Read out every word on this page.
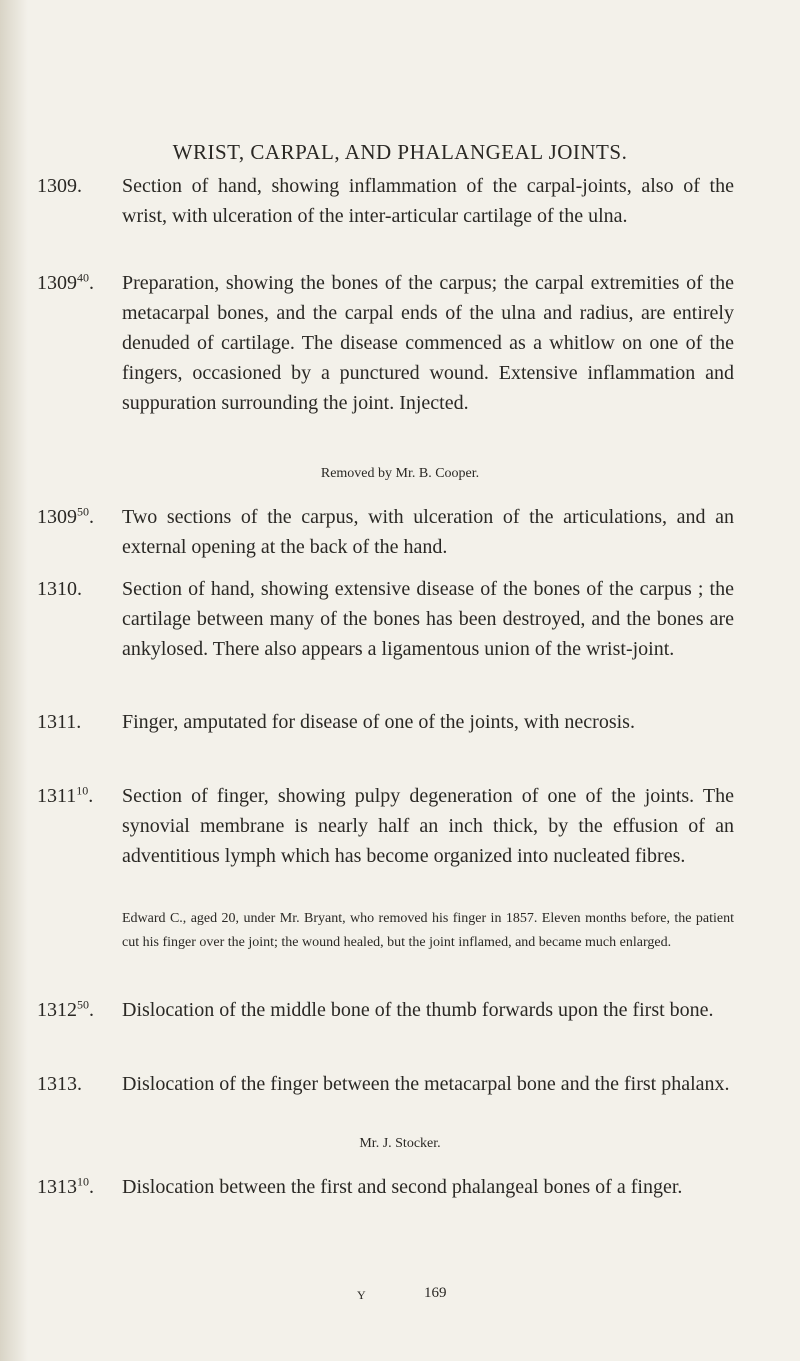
WRIST, CARPAL, AND PHALANGEAL JOINTS.
1309. Section of hand, showing inflammation of the carpal-joints, also of the wrist, with ulceration of the inter-articular cartilage of the ulna.
1309$^{40}$. Preparation, showing the bones of the carpus; the carpal extremities of the metacarpal bones, and the carpal ends of the ulna and radius, are entirely denuded of cartilage. The disease commenced as a whitlow on one of the fingers, occasioned by a punctured wound. Extensive inflammation and suppuration surrounding the joint. Injected.
Removed by Mr. B. Cooper.
1309$^{50}$. Two sections of the carpus, with ulceration of the articulations, and an external opening at the back of the hand.
1310. Section of hand, showing extensive disease of the bones of the carpus ; the cartilage between many of the bones has been destroyed, and the bones are ankylosed. There also appears a ligamentous union of the wrist-joint.
1311. Finger, amputated for disease of one of the joints, with necrosis.
1311$^{10}$. Section of finger, showing pulpy degeneration of one of the joints. The synovial membrane is nearly half an inch thick, by the effusion of an adventitious lymph which has become organized into nucleated fibres.
Edward C., aged 20, under Mr. Bryant, who removed his finger in 1857. Eleven months before, the patient cut his finger over the joint; the wound healed, but the joint inflamed, and became much enlarged.
1312$^{50}$. Dislocation of the middle bone of the thumb forwards upon the first bone.
1313. Dislocation of the finger between the metacarpal bone and the first phalanx.
Mr. J. Stocker.
1313$^{10}$. Dislocation between the first and second phalangeal bones of a finger.
Y	169
